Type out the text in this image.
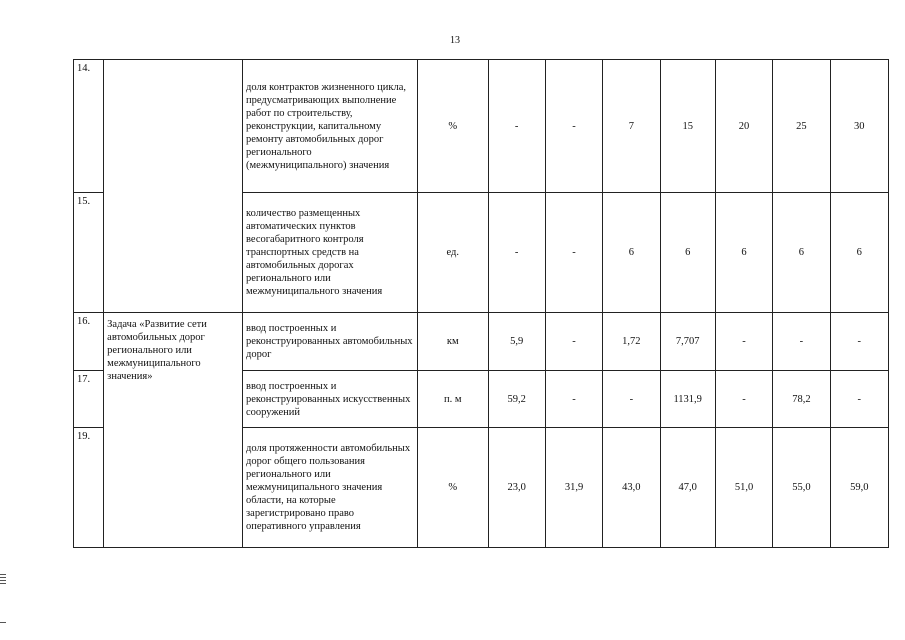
13
14.		доля контрактов жизненного цикла, предусматривающих выполнение работ по строительству, реконструкции, капитальному ремонту автомобильных дорог регионального (межмуниципального) значения	%	-	-	7	15	20	25	30
15.		количество размещенных автоматических пунктов весогабаритного контроля транспортных средств на автомобильных дорогах регионального или межмуниципального значения	ед.	-	-	6	6	6	6	6
16.	Задача «Развитие сети автомобильных дорог регионального или межмуниципального значения»	ввод построенных и реконструированных автомобильных дорог	км	5,9	-	1,72	7,707	-	-	-
17.		ввод построенных и реконструированных искусственных сооружений	п. м	59,2	-	-	1131,9	-	78,2	-
19.		доля протяженности автомобильных дорог общего пользования регионального или межмуниципального значения области, на которые зарегистрировано право оперативного управления	%	23,0	31,9	43,0	47,0	51,0	55,0	59,0
